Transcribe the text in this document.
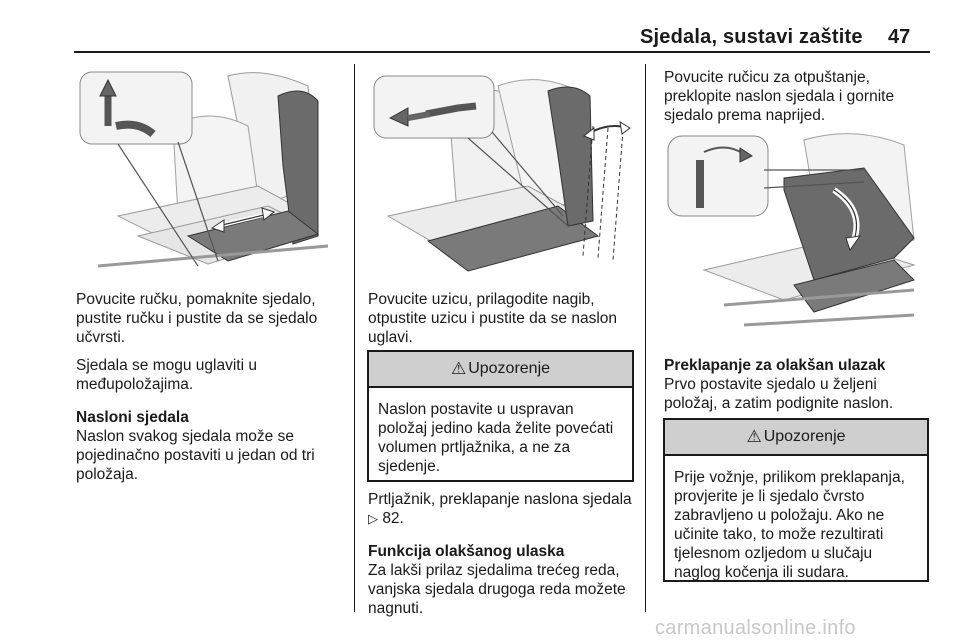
Sjedala, sustavi zaštite 47

Povucite ručku, pomaknite sjedalo, pustite ručku i pustite da se sjedalo učvrsti.

Sjedala se mogu uglaviti u međupoložajima.

Nasloni sjedala
Naslon svakog sjedala može se pojedinačno postaviti u jedan od tri položaja.

Povucite uzicu, prilagodite nagib, otpustite uzicu i pustite da se naslon uglavi.

⚠ Upozorenje
Naslon postavite u uspravan položaj jedino kada želite povećati volumen prtljažnika, a ne za sjedenje.

Prtljažnik, preklapanje naslona sjedala ▷ 82.

Funkcija olakšanog ulaska
Za lakši prilaz sjedalima trećeg reda, vanjska sjedala drugoga reda možete nagnuti.

Povucite ručicu za otpuštanje, preklopite naslon sjedala i gornite sjedalo prema naprijed.

Preklapanje za olakšan ulazak
Prvo postavite sjedalo u željeni položaj, a zatim podignite naslon.

⚠ Upozorenje
Prije vožnje, prilikom preklapanja, provjerite je li sjedalo čvrsto zabravljeno u položaju. Ako ne učinite tako, to može rezultirati tjelesnom ozljedom u slučaju naglog kočenja ili sudara.
carmanualsonline.info
